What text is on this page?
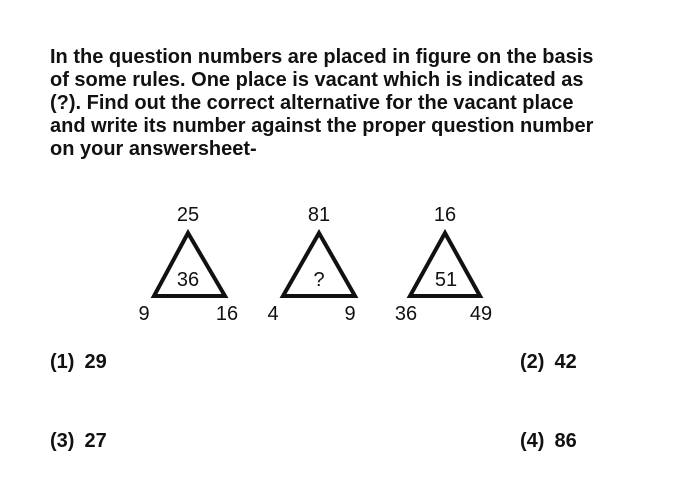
In the question numbers are placed in figure on the basis
of some rules. One place is vacant which is indicated as
(?). Find out the correct alternative for the vacant place
and write its number against the proper question number
on your answersheet-
25
36
9	16
81
?
4	9
16
51
36	49
(1) 29	(2) 42
(3) 27	(4) 86
